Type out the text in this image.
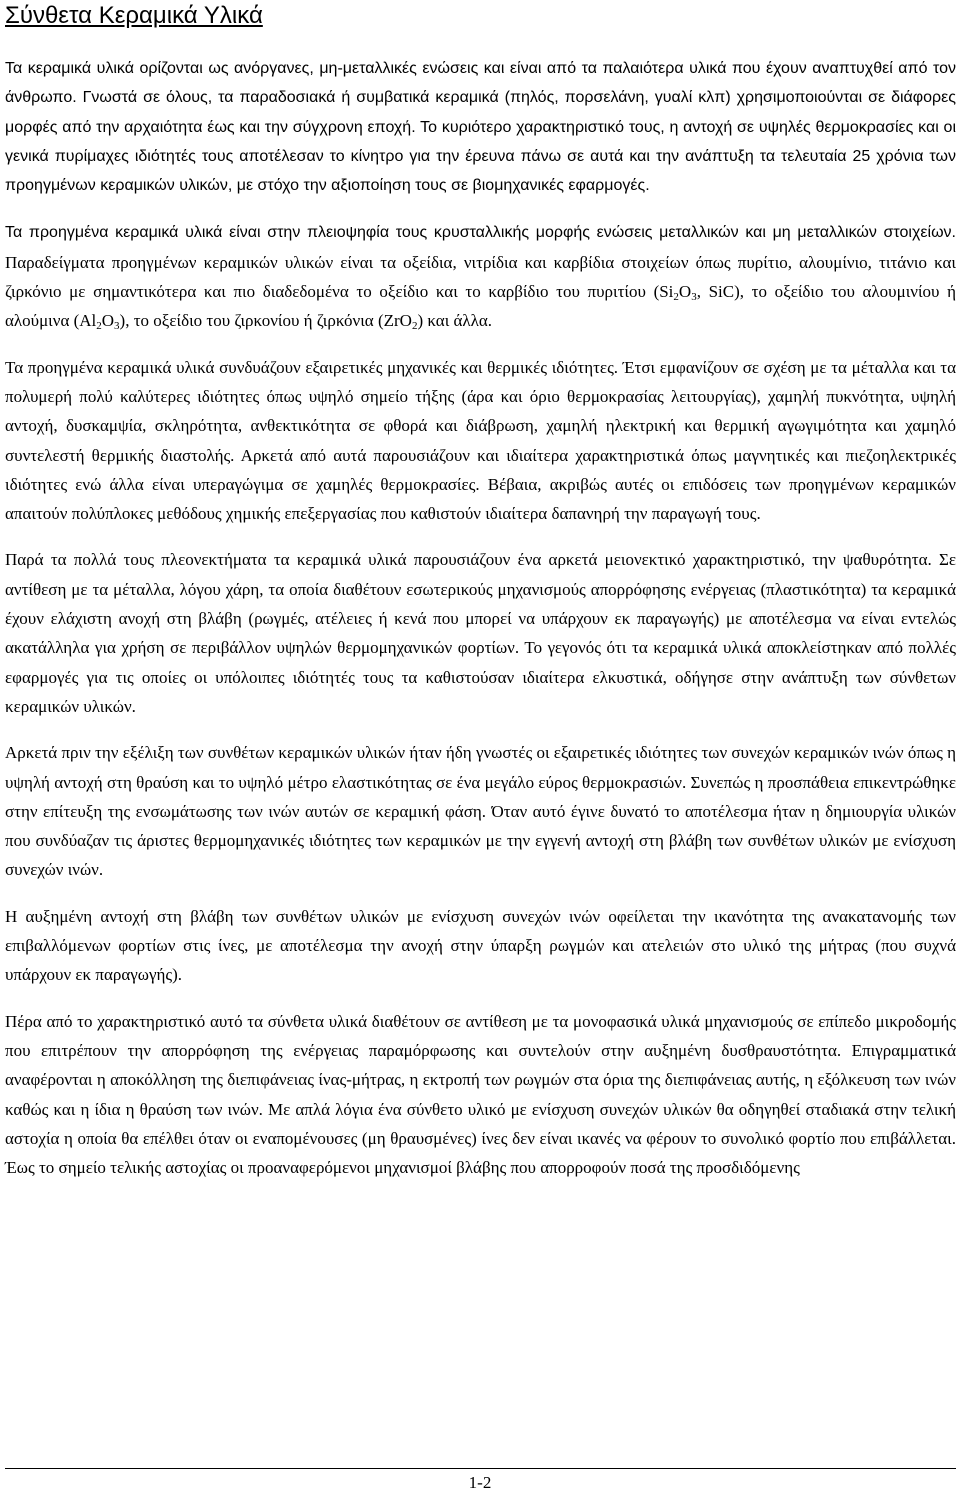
Σύνθετα Κεραμικά Υλικά

Τα κεραμικά υλικά ορίζονται ως ανόργανες, μη-μεταλλικές ενώσεις και είναι από τα παλαιότερα υλικά που έχουν αναπτυχθεί από τον άνθρωπο. Γνωστά σε όλους, τα παραδοσιακά ή συμβατικά κεραμικά (πηλός, πορσελάνη, γυαλί κλπ) χρησιμοποιούνται σε διάφορες μορφές από την αρχαιότητα έως και την σύγχρονη εποχή. Το κυριότερο χαρακτηριστικό τους, η αντοχή σε υψηλές θερμοκρασίες και οι γενικά πυρίμαχες ιδιότητές τους αποτέλεσαν το κίνητρο για την έρευνα πάνω σε αυτά και την ανάπτυξη τα τελευταία 25 χρόνια των προηγμένων κεραμικών υλικών, με στόχο την αξιοποίηση τους σε βιομηχανικές εφαρμογές.

Τα προηγμένα κεραμικά υλικά είναι στην πλειοψηφία τους κρυσταλλικής μορφής ενώσεις μεταλλικών και μη μεταλλικών στοιχείων. Παραδείγματα προηγμένων κεραμικών υλικών είναι τα οξείδια, νιτρίδια και καρβίδια στοιχείων όπως πυρίτιο, αλουμίνιο, τιτάνιο και ζιρκόνιο με σημαντικότερα και πιο διαδεδομένα το οξείδιο και το καρβίδιο του πυριτίου ($Si_2O_3$, SiC), το οξείδιο του αλουμινίου ή αλούμινα $(Al_2O_3)$, το οξείδιο του ζιρκονίου ή ζιρκόνια (ZrO$_2$) και άλλα.

Τα προηγμένα κεραμικά υλικά συνδυάζουν εξαιρετικές μηχανικές και θερμικές ιδιότητες. Έτσι εμφανίζουν σε σχέση με τα μέταλλα και τα πολυμερή πολύ καλύτερες ιδιότητες όπως υψηλό σημείο τήξης (άρα και όριο θερμοκρασίας λειτουργίας), χαμηλή πυκνότητα, υψηλή αντοχή, δυσκαμψία, σκληρότητα, ανθεκτικότητα σε φθορά και διάβρωση, χαμηλή ηλεκτρική και θερμική αγωγιμότητα και χαμηλό συντελεστή θερμικής διαστολής. Αρκετά από αυτά παρουσιάζουν και ιδιαίτερα χαρακτηριστικά όπως μαγνητικές και πιεζοηλεκτρικές ιδιότητες ενώ άλλα είναι υπεραγώγιμα σε χαμηλές θερμοκρασίες. Βέβαια, ακριβώς αυτές οι επιδόσεις των προηγμένων κεραμικών απαιτούν πολύπλοκες μεθόδους χημικής επεξεργασίας που καθιστούν ιδιαίτερα δαπανηρή την παραγωγή τους.

Παρά τα πολλά τους πλεονεκτήματα τα κεραμικά υλικά παρουσιάζουν ένα αρκετά μειονεκτικό χαρακτηριστικό, την ψαθυρότητα. Σε αντίθεση με τα μέταλλα, λόγου χάρη, τα οποία διαθέτουν εσωτερικούς μηχανισμούς απορρόφησης ενέργειας (πλαστικότητα) τα κεραμικά έχουν ελάχιστη ανοχή στη βλάβη (ρωγμές, ατέλειες ή κενά που μπορεί να υπάρχουν εκ παραγωγής) με αποτέλεσμα να είναι εντελώς ακατάλληλα για χρήση σε περιβάλλον υψηλών θερμομηχανικών φορτίων. Το γεγονός ότι τα κεραμικά υλικά αποκλείστηκαν από πολλές εφαρμογές για τις οποίες οι υπόλοιπες ιδιότητές τους τα καθιστούσαν ιδιαίτερα ελκυστικά, οδήγησε στην ανάπτυξη των σύνθετων κεραμικών υλικών.

Αρκετά πριν την εξέλιξη των συνθέτων κεραμικών υλικών ήταν ήδη γνωστές οι εξαιρετικές ιδιότητες των συνεχών κεραμικών ινών όπως η υψηλή αντοχή στη θραύση και το υψηλό μέτρο ελαστικότητας σε ένα μεγάλο εύρος θερμοκρασιών. Συνεπώς η προσπάθεια επικεντρώθηκε στην επίτευξη της ενσωμάτωσης των ινών αυτών σε κεραμική φάση. Όταν αυτό έγινε δυνατό το αποτέλεσμα ήταν η δημιουργία υλικών που συνδύαζαν τις άριστες θερμομηχανικές ιδιότητες των κεραμικών με την εγγενή αντοχή στη βλάβη των συνθέτων υλικών με ενίσχυση συνεχών ινών.

Η αυξημένη αντοχή στη βλάβη των συνθέτων υλικών με ενίσχυση συνεχών ινών οφείλεται την ικανότητα της ανακατανομής των επιβαλλόμενων φορτίων στις ίνες, με αποτέλεσμα την ανοχή στην ύπαρξη ρωγμών και ατελειών στο υλικό της μήτρας (που συχνά υπάρχουν εκ παραγωγής).

Πέρα από το χαρακτηριστικό αυτό τα σύνθετα υλικά διαθέτουν σε αντίθεση με τα μονοφασικά υλικά μηχανισμούς σε επίπεδο μικροδομής που επιτρέπουν την απορρόφηση της ενέργειας παραμόρφωσης και συντελούν στην αυξημένη δυσθραυστότητα. Επιγραμματικά αναφέρονται η αποκόλληση της διεπιφάνειας ίνας-μήτρας, η εκτροπή των ρωγμών στα όρια της διεπιφάνειας αυτής, η εξόλκευση των ινών καθώς και η ίδια η θραύση των ινών. Με απλά λόγια ένα σύνθετο υλικό με ενίσχυση συνεχών υλικών θα οδηγηθεί σταδιακά στην τελική αστοχία η οποία θα επέλθει όταν οι εναπομένουσες (μη θραυσμένες) ίνες δεν είναι ικανές να φέρουν το συνολικό φορτίο που επιβάλλεται. Έως το σημείο τελικής αστοχίας οι προαναφερόμενοι μηχανισμοί βλάβης που απορροφούν ποσά της προσδιδόμενης

1-2
